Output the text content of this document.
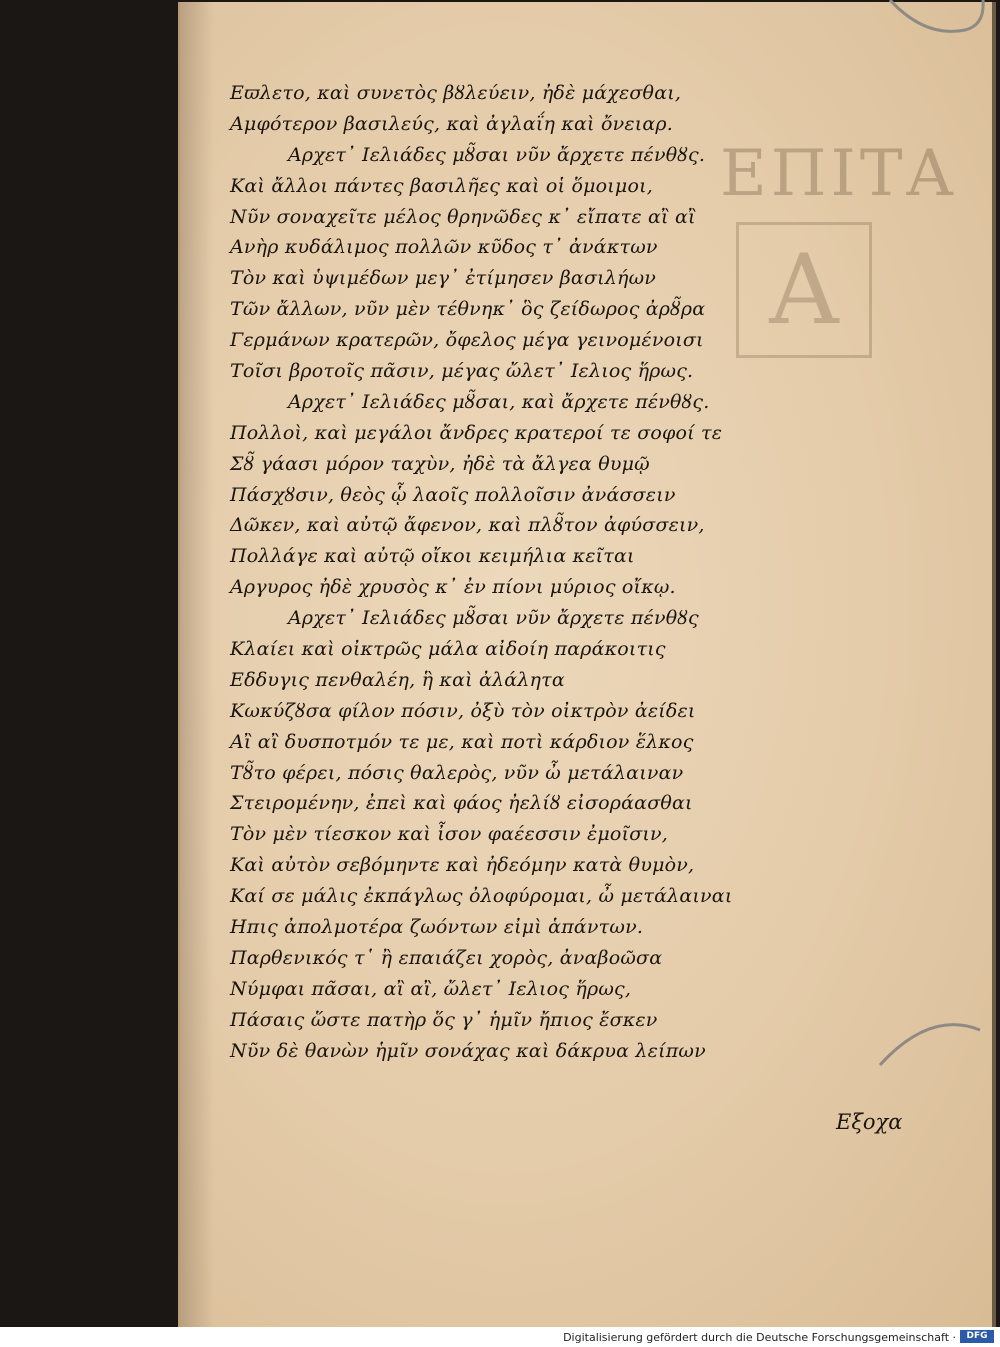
ΕΠΙΤΑ
A
Εϖλετο, καὶ συνετὸς βȣλεύειν, ἠδὲ μάχεσθαι,
Αμφότερον βασιλεύς, καὶ ἀγλαΐη καὶ ὄνειαρ.
Αρχετ᾽ Ιελιάδες μȣ̃σαι νῦν ἄρχετε πένθȣς.
Καὶ ἄλλοι πάντες βασιλῆες καὶ οἱ ὅμοιμοι,
Νῦν σοναχεῖτε μέλος θρηνῶδες κ᾽ εἴπατε αἲ αἲ
Ανὴρ κυδάλιμος πολλῶν κῦδος τ᾽ ἀνάκτων
Τὸν καὶ ὑψιμέδων μεγ᾽ ἐτίμησεν βασιλήων
Τῶν ἄλλων, νῦν μὲν τέθνηκ᾽ ὃς ζείδωρος ἀρȣ̃ρα
Γερμάνων κρατερῶν, ὄφελος μέγα γεινομένοισι
Τοῖσι βροτοῖς πᾶσιν, μέγας ὤλετ᾽ Ιελιος ἥρως.
Αρχετ᾽ Ιελιάδες μȣ̃σαι, καὶ ἄρχετε πένθȣς.
Πολλοὶ, καὶ μεγάλοι ἄνδρες κρατεροί τε σοφοί τε
Σȣ̃ γάασι μόρον ταχὺν, ἠδὲ τὰ ἄλγεα θυμῷ
Πάσχȣσιν, θεὸς ᾧ λαοῖς πολλοῖσιν ἀνάσσειν
Δῶκεν, καὶ αὐτῷ ἄφενον, καὶ πλȣ̃τον ἀφύσσειν,
Πολλάγε καὶ αὐτῷ οἴκοι κειμήλια κεῖται
Αργυρος ἠδὲ χρυσὸς κ᾽ ἐν πίονι μύριος οἴκῳ.
Αρχετ᾽ Ιελιάδες μȣ̃σαι νῦν ἄρχετε πένθȣς
Κλαίει καὶ οἰκτρῶς μάλα αἰδοίη παράκοιτις
Εδδυγις πενθαλέη, ἣ καὶ ἀλάλητα
Κωκύζȣσα φίλον πόσιν, ὀξὺ τὸν οἰκτρὸν ἀείδει
Αἲ αἲ δυσποτμόν τε με, καὶ ποτὶ κάρδιον ἕλκος
Τȣ̃το φέρει, πόσις θαλερὸς, νῦν ὦ μετάλαιναν
Στειρομένην, ἐπεὶ καὶ φάος ἠελίȣ εἰσοράασθαι
Τὸν μὲν τίεσκον καὶ ἶσον φαέεσσιν ἐμοῖσιν,
Καὶ αὐτὸν σεβόμηντε καὶ ἠδεόμην κατὰ θυμὸν,
Καί σε μάλις ἐκπάγλως ὀλοφύρομαι, ὦ μετάλαιναι
Ηπις ἀπολμοτέρα ζωόντων εἰμὶ ἁπάντων.
Παρθενικός τ῾ ἢ επαιάζει χορὸς, ἀναβοῶσα
Νύμφαι πᾶσαι, αἲ αἲ, ὤλετ᾽ Ιελιος ἥρως,
Πάσαις ὥστε πατὴρ ὅς γ᾽ ἡμῖν ἤπιος ἔσκεν
Νῦν δὲ θανὼν ἡμῖν σονάχας καὶ δάκρυα λείπων
Εξοχα
Digitalisierung gefördert durch die Deutsche Forschungsgemeinschaft ·	DFG
